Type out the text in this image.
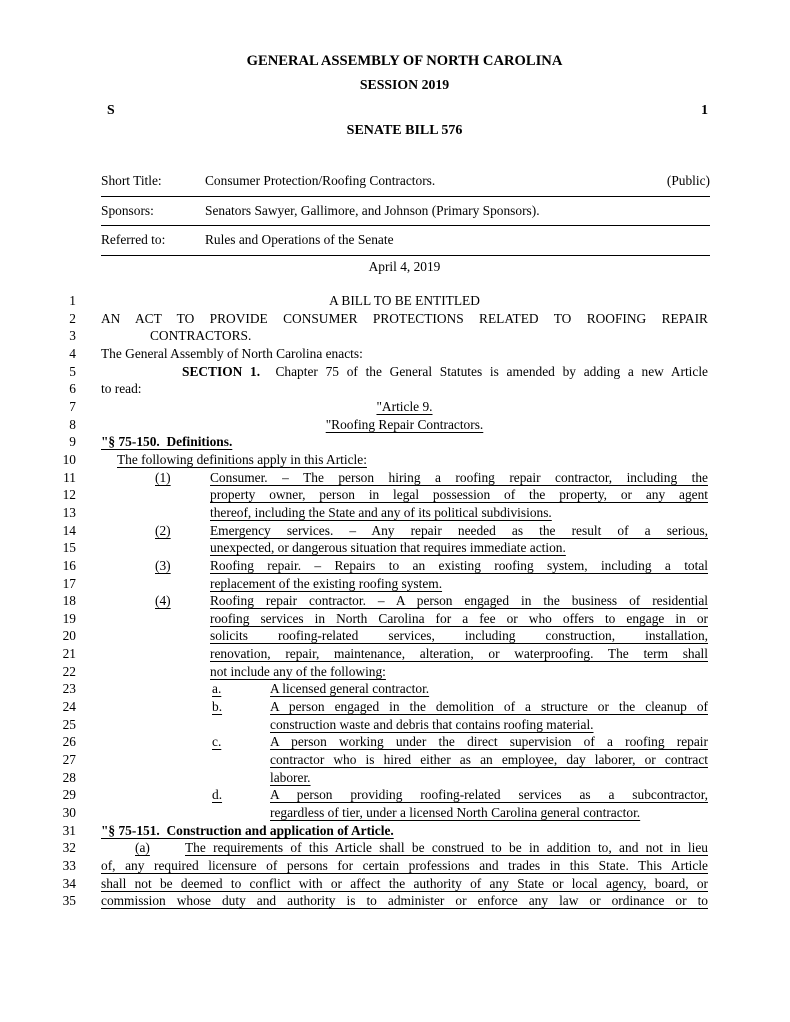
GENERAL ASSEMBLY OF NORTH CAROLINA
SESSION 2019
S	1
SENATE BILL 576
Short Title:	Consumer Protection/Roofing Contractors.	(Public)
Sponsors:	Senators Sawyer, Gallimore, and Johnson (Primary Sponsors).
Referred to:	Rules and Operations of the Senate
April 4, 2019
1	A BILL TO BE ENTITLED
2 AN ACT TO PROVIDE CONSUMER PROTECTIONS RELATED TO ROOFING REPAIR
3	CONTRACTORS.
4 The General Assembly of North Carolina enacts:
5	SECTION 1.  Chapter 75 of the General Statutes is amended by adding a new Article
6 to read:
7	"Article 9.
8	"Roofing Repair Contractors.
9 "§ 75-150.  Definitions.
10	The following definitions apply in this Article:
11	(1)	Consumer. – The person hiring a roofing repair contractor, including the
12	property owner, person in legal possession of the property, or any agent
13	thereof, including the State and any of its political subdivisions.
14	(2)	Emergency services. – Any repair needed as the result of a serious,
15	unexpected, or dangerous situation that requires immediate action.
16	(3)	Roofing repair. – Repairs to an existing roofing system, including a total
17	replacement of the existing roofing system.
18	(4)	Roofing repair contractor. – A person engaged in the business of residential
19	roofing services in North Carolina for a fee or who offers to engage in or
20	solicits roofing-related services, including construction, installation,
21	renovation, repair, maintenance, alteration, or waterproofing. The term shall
22	not include any of the following:
23	a.	A licensed general contractor.
24	b.	A person engaged in the demolition of a structure or the cleanup of
25	construction waste and debris that contains roofing material.
26	c.	A person working under the direct supervision of a roofing repair
27	contractor who is hired either as an employee, day laborer, or contract
28	laborer.
29	d.	A person providing roofing-related services as a subcontractor,
30	regardless of tier, under a licensed North Carolina general contractor.
31 "§ 75-151.  Construction and application of Article.
32	(a)	The requirements of this Article shall be construed to be in addition to, and not in lieu
33 of, any required licensure of persons for certain professions and trades in this State. This Article
34 shall not be deemed to conflict with or affect the authority of any State or local agency, board, or
35 commission whose duty and authority is to administer or enforce any law or ordinance or to
